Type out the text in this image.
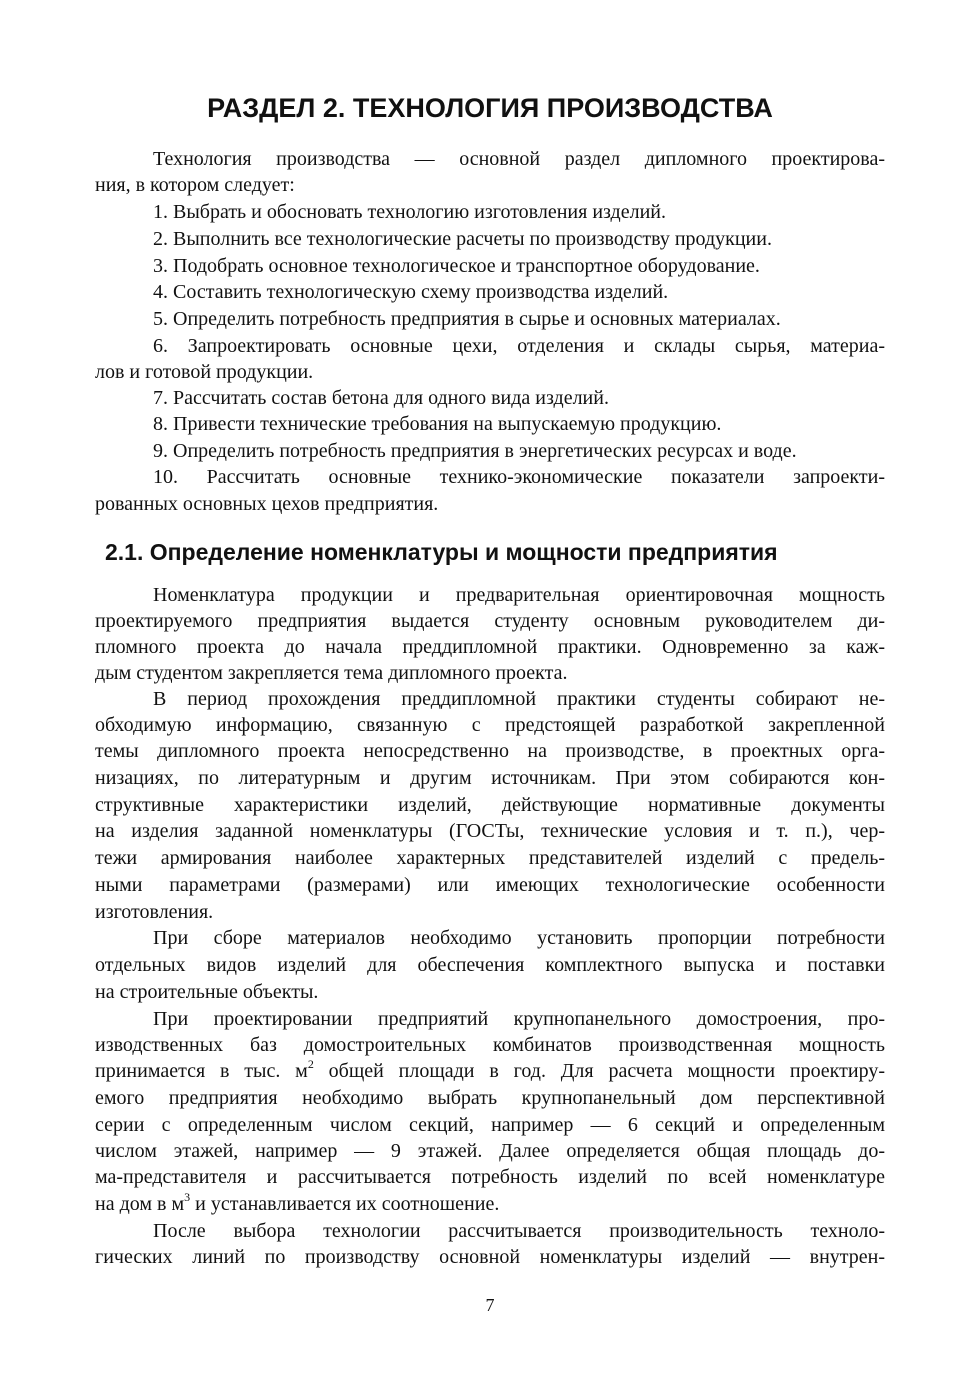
РАЗДЕЛ 2. ТЕХНОЛОГИЯ ПРОИЗВОДСТВА

Технология производства — основной раздел дипломного проектирова-

ния, в котором следует:

1. Выбрать и обосновать технологию изготовления изделий.

2. Выполнить все технологические расчеты по производству продукции.

3. Подобрать основное технологическое и транспортное оборудование.

4. Составить технологическую схему производства изделий.

5. Определить потребность предприятия в сырье и основных материалах.

6. Запроектировать основные цехи, отделения и склады сырья, материа-

лов и готовой продукции.

7. Рассчитать состав бетона для одного вида изделий.

8. Привести технические требования на выпускаемую продукцию.

9. Определить потребность предприятия в энергетических ресурсах и воде.

10. Рассчитать основные технико-экономические показатели запроекти-

рованных основных цехов предприятия.

2.1. Определение номенклатуры и мощности предприятия

Номенклатура продукции и предварительная ориентировочная мощность

проектируемого предприятия выдается студенту основным руководителем ди-

пломного проекта до начала преддипломной практики. Одновременно за каж-

дым студентом закрепляется тема дипломного проекта.

В период прохождения преддипломной практики студенты собирают не-

обходимую информацию, связанную с предстоящей разработкой закрепленной

темы дипломного проекта непосредственно на производстве, в проектных орга-

низациях, по литературным и другим источникам. При этом собираются кон-

структивные характеристики изделий, действующие нормативные документы

на изделия заданной номенклатуры (ГОСТы, технические условия и т. п.), чер-

тежи армирования наиболее характерных представителей изделий с предель-

ными параметрами (размерами) или имеющих технологические особенности

изготовления.

При сборе материалов необходимо установить пропорции потребности

отдельных видов изделий для обеспечения комплектного выпуска и поставки

на строительные объекты.

При проектировании предприятий крупнопанельного домостроения, про-

изводственных баз домостроительных комбинатов производственная мощность

принимается в тыс. $м^2$ общей площади в год. Для расчета мощности проектиру-

емого предприятия необходимо выбрать крупнопанельный дом перспективной

серии с определенным числом секций, например — 6 секций и определенным

числом этажей, например — 9 этажей. Далее определяется общая площадь до-

ма-представителя и рассчитывается потребность изделий по всей номенклатуре

на дом в $м^3$ и устанавливается их соотношение.

После выбора технологии рассчитывается производительность техноло-

гических линий по производству основной номенклатуры изделий — внутрен-

7
